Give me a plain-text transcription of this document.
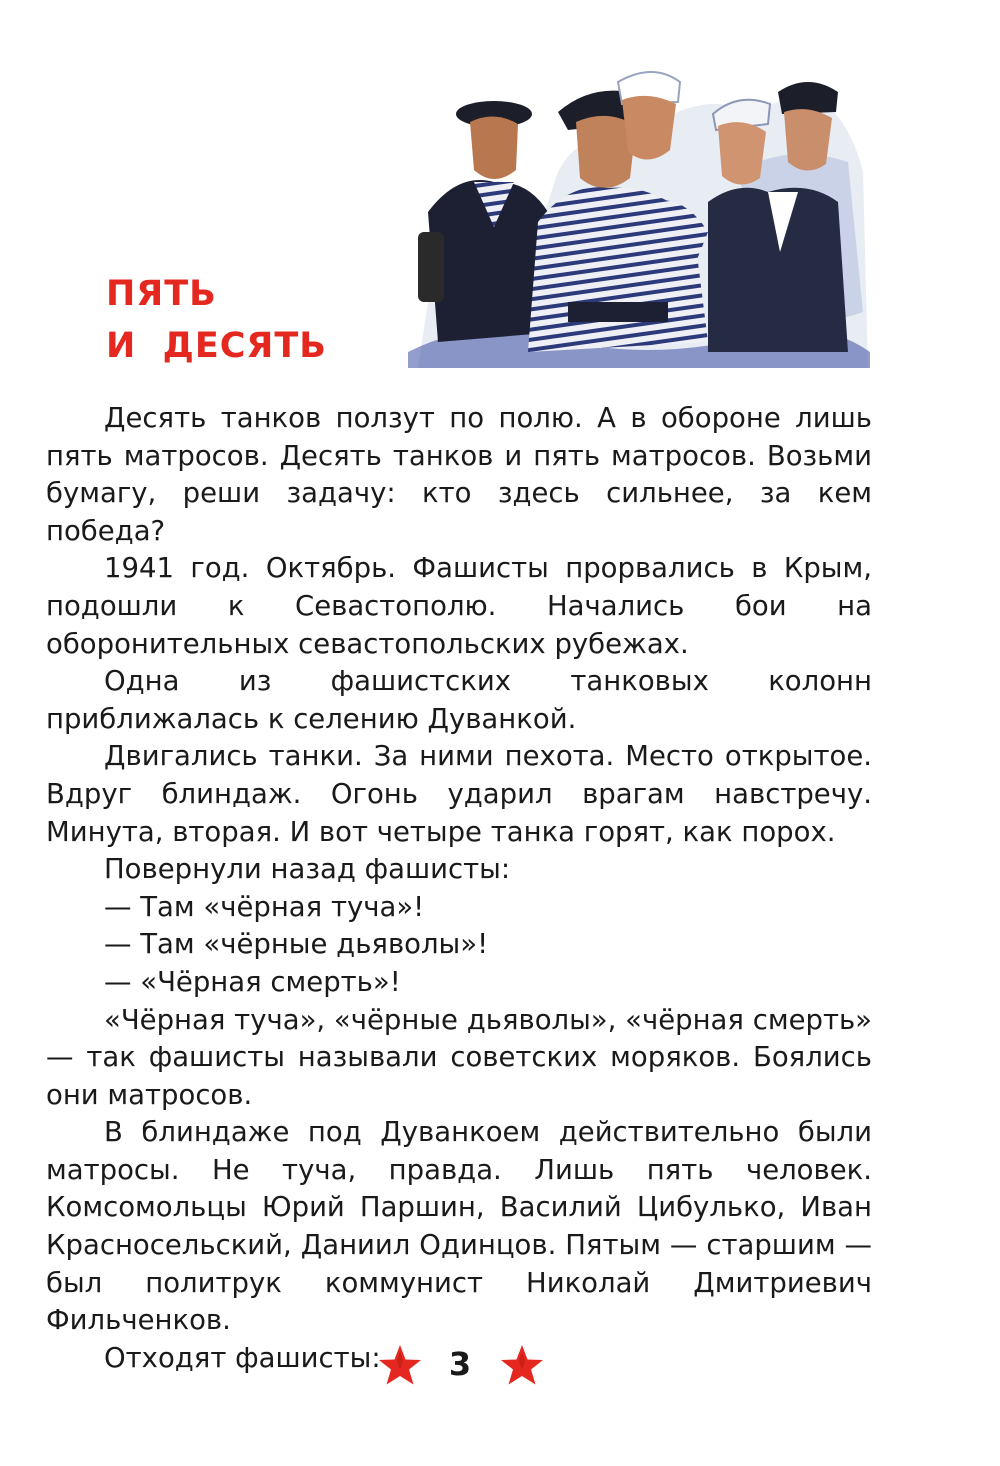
ПЯТЬ
И  ДЕСЯТЬ

Десять танков ползут по полю. А в обороне лишь пять матросов. Десять танков и пять матросов. Возьми бумагу, реши задачу: кто здесь сильнее, за кем победа?

1941 год. Октябрь. Фашисты прорвались в Крым, подошли к Севастополю. Начались бои на оборонительных севастопольских рубежах.

Одна из фашистских танковых колонн приближалась к селению Дуванкой.

Двигались танки. За ними пехота. Место открытое. Вдруг блиндаж. Огонь ударил врагам навстречу. Минута, вторая. И вот четыре танка горят, как порох.

Повернули назад фашисты:

— Там «чёрная туча»!

— Там «чёрные дьяволы»!

— «Чёрная смерть»!

«Чёрная туча», «чёрные дьяволы», «чёрная смерть» — так фашисты называли советских моряков. Боялись они матросов.

В блиндаже под Дуванкоем действительно были матросы. Не туча, правда. Лишь пять человек. Комсомольцы Юрий Паршин, Василий Цибулько, Иван Красносельский, Даниил Одинцов. Пятым — старшим — был политрук коммунист Николай Дмитриевич Фильченков.

Отходят фашисты:	3
